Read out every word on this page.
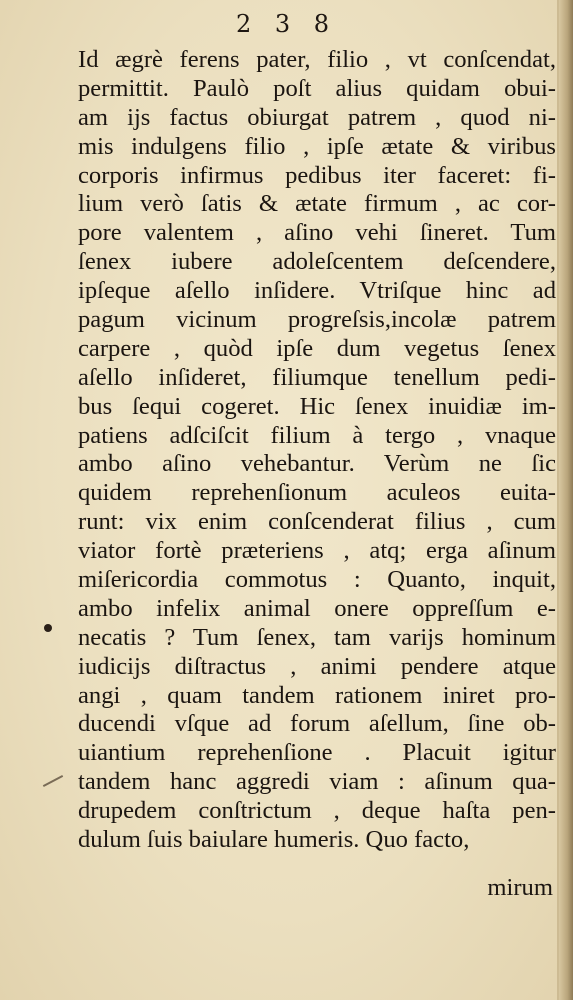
2 3 8
Id ægrè ferens pater, filio , vt conſcendat,
permittit. Paulò poſt alius quidam obui-
am ijs factus obiurgat patrem , quod ni-
mis indulgens filio , ipſe ætate & viribus
corporis infirmus pedibus iter faceret: fi-
lium verò ſatis & ætate firmum , ac cor-
pore valentem , aſino vehi ſineret. Tum
ſenex iubere adoleſcentem deſcendere,
ipſeque aſello inſidere. Vtriſque hinc ad
pagum vicinum progreſsis,incolæ patrem
carpere , quòd ipſe dum vegetus ſenex
aſello inſideret, filiumque tenellum pedi-
bus ſequi cogeret. Hic ſenex inuidiæ im-
patiens adſciſcit filium à tergo , vnaque
ambo aſino vehebantur. Verùm ne ſic
quidem reprehenſionum aculeos euita-
runt: vix enim conſcenderat filius , cum
viator fortè præteriens , atq; erga aſinum
miſericordia commotus : Quanto, inquit,
ambo infelix animal onere oppreſſum e-
necatis ? Tum ſenex, tam varijs hominum
iudicijs diſtractus , animi pendere atque
angi , quam tandem rationem iniret pro-
ducendi vſque ad forum aſellum, ſine ob-
uiantium reprehenſione . Placuit igitur
tandem hanc aggredi viam : aſinum qua-
drupedem conſtrictum , deque haſta pen-
dulum ſuis baiulare humeris. Quo facto,
mirum
